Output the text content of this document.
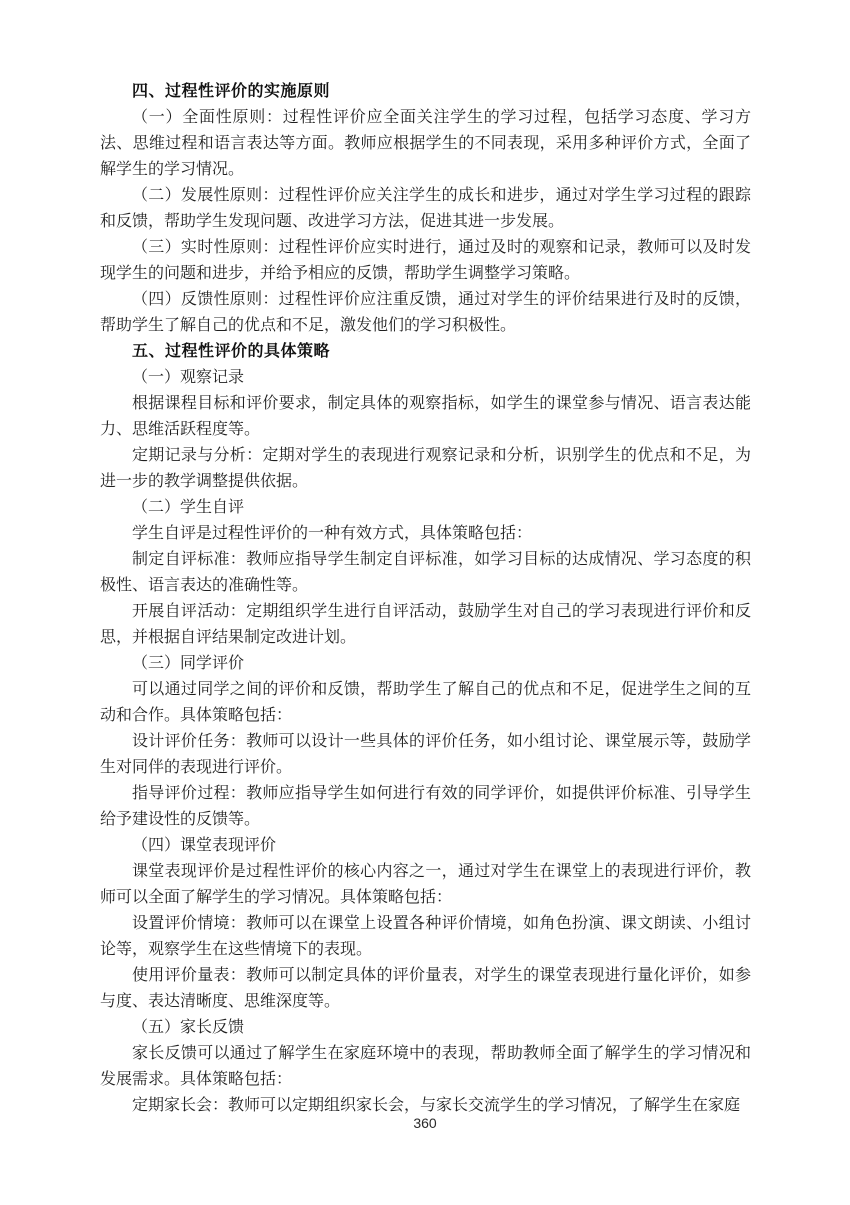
四、过程性评价的实施原则

（一）全面性原则：过程性评价应全面关注学生的学习过程，包括学习态度、学习方法、思维过程和语言表达等方面。教师应根据学生的不同表现，采用多种评价方式，全面了解学生的学习情况。

（二）发展性原则：过程性评价应关注学生的成长和进步，通过对学生学习过程的跟踪和反馈，帮助学生发现问题、改进学习方法，促进其进一步发展。

（三）实时性原则：过程性评价应实时进行，通过及时的观察和记录，教师可以及时发现学生的问题和进步，并给予相应的反馈，帮助学生调整学习策略。

（四）反馈性原则：过程性评价应注重反馈，通过对学生的评价结果进行及时的反馈，帮助学生了解自己的优点和不足，激发他们的学习积极性。

五、过程性评价的具体策略

（一）观察记录

根据课程目标和评价要求，制定具体的观察指标，如学生的课堂参与情况、语言表达能力、思维活跃程度等。

定期记录与分析：定期对学生的表现进行观察记录和分析，识别学生的优点和不足，为进一步的教学调整提供依据。

（二）学生自评

学生自评是过程性评价的一种有效方式，具体策略包括：

制定自评标准：教师应指导学生制定自评标准，如学习目标的达成情况、学习态度的积极性、语言表达的准确性等。

开展自评活动：定期组织学生进行自评活动，鼓励学生对自己的学习表现进行评价和反思，并根据自评结果制定改进计划。

（三）同学评价

可以通过同学之间的评价和反馈，帮助学生了解自己的优点和不足，促进学生之间的互动和合作。具体策略包括：

设计评价任务：教师可以设计一些具体的评价任务，如小组讨论、课堂展示等，鼓励学生对同伴的表现进行评价。

指导评价过程：教师应指导学生如何进行有效的同学评价，如提供评价标准、引导学生给予建设性的反馈等。

（四）课堂表现评价

课堂表现评价是过程性评价的核心内容之一，通过对学生在课堂上的表现进行评价，教师可以全面了解学生的学习情况。具体策略包括：

设置评价情境：教师可以在课堂上设置各种评价情境，如角色扮演、课文朗读、小组讨论等，观察学生在这些情境下的表现。

使用评价量表：教师可以制定具体的评价量表，对学生的课堂表现进行量化评价，如参与度、表达清晰度、思维深度等。

（五）家长反馈

家长反馈可以通过了解学生在家庭环境中的表现，帮助教师全面了解学生的学习情况和发展需求。具体策略包括：

定期家长会：教师可以定期组织家长会，与家长交流学生的学习情况，了解学生在家庭

360
